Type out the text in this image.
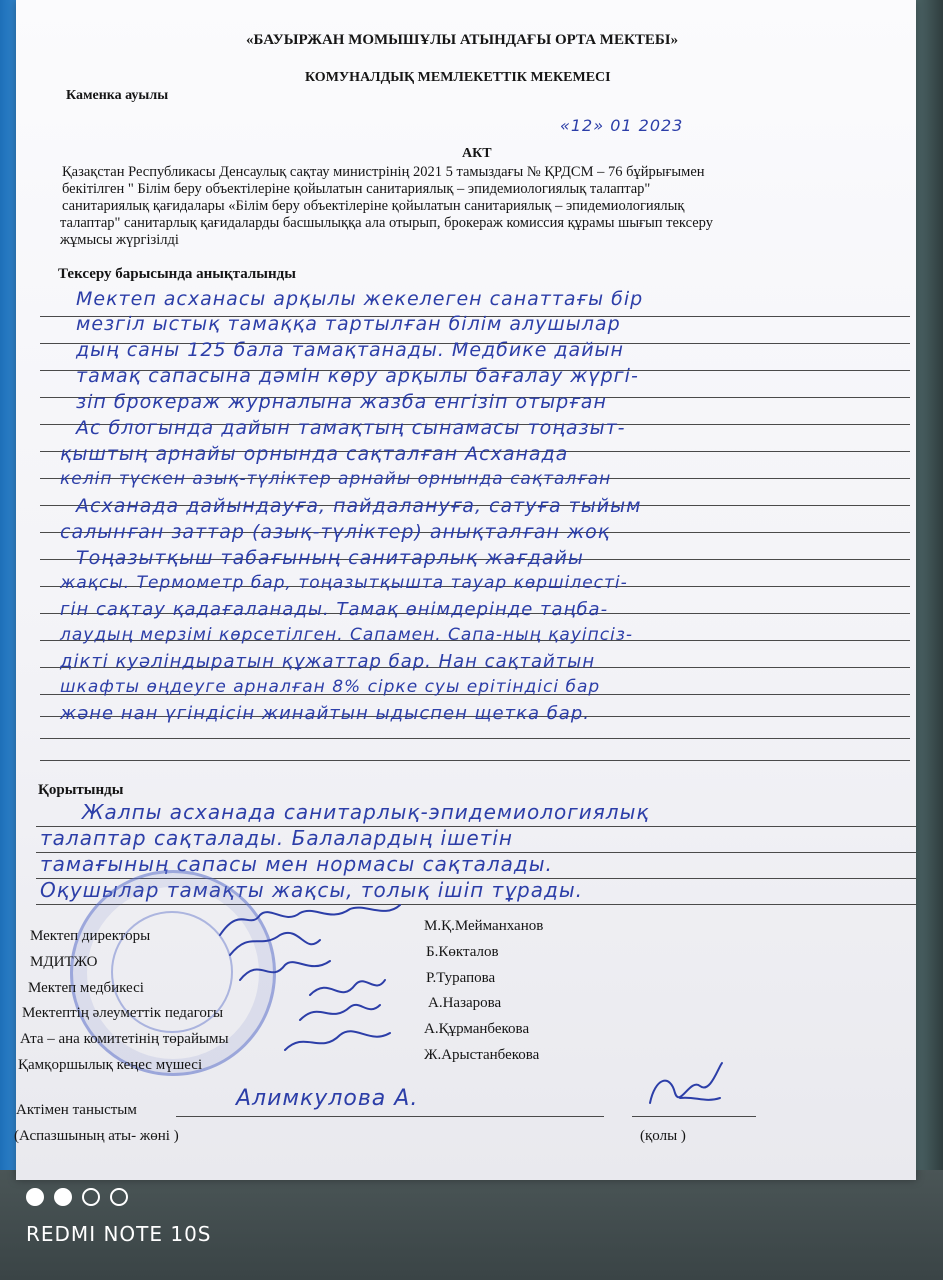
«БАУЫРЖАН МОМЫШҰЛЫ АТЫНДАҒЫ ОРТА МЕКТЕБІ»
КОМУНАЛДЫҚ МЕМЛЕКЕТТІК МЕКЕМЕСІ
Каменка ауылы
«12» 01 2023
АКТ
Қазақстан Республикасы Денсаулық сақтау министрінің 2021 5 тамыздағы № ҚРДСМ – 76 бұйрығымен
бекітілген " Білім беру объектілеріне қойылатын санитариялық – эпидемиологиялық талаптар"
санитариялық қағидалары «Білім беру объектілеріне қойылатын санитариялық – эпидемиологиялық
талаптар" санитарлық қағидаларды басшылыққа ала отырып, брокераж комиссия құрамы шығып тексеру
жұмысы жүргізілді
Тексеру барысында анықталынды
Мектеп асханасы арқылы жекелеген санаттағы бір
мезгіл ыстық тамаққа тартылған білім алушылар
дың саны 125 бала тамақтанады. Медбике дайын
тамақ сапасына дәмін көру арқылы бағалау жүргі-
зіп брокераж журналына жазба енгізіп отырған
Ас блогында дайын тамақтың сынамасы тоңазыт-
қыштың арнайы орнында сақталған Асханада
келіп түскен азық-түліктер арнайы орнында сақталған
Асханада дайындауға, пайдалануға, сатуға тыйым
салынған заттар (азық-түліктер) анықталған жоқ
Тоңазытқыш табағының санитарлық жағдайы
жақсы. Термометр бар, тоңазытқышта тауар көршілесті-
гін сақтау қадағаланады. Тамақ өнімдерінде таңба-
лаудың мерзімі көрсетілген. Сапамен. Сапа-ның қауіпсіз-
дікті куәліндыратын құжаттар бар. Нан сақтайтын
шкафты өңдеуге арналған 8% сірке суы ерітіндісі бар
және нан үгіндісін жинайтын ыдыспен щетка бар.
Қорытынды
Жалпы асханада санитарлық-эпидемиологиялық
талаптар сақталады. Балалардың ішетін
тамағының сапасы мен нормасы сақталады.
Оқушылар тамақты жақсы, толық ішіп тұрады.
Мектеп директоры
М.Қ.Мейманханов
МДИТЖО
Б.Көкталов
Мектеп медбикесі
Р.Турапова
Мектептің әлеуметтік педагогы
А.Назарова
Ата – ана комитетінің төрайымы
А.Құрманбекова
Қамқоршылық кеңес мүшесі
Ж.Арыстанбекова
Актімен таныстым	Алимкулова А.
(Аспазшының аты- жөні )	(қолы )
REDMI NOTE 10S
